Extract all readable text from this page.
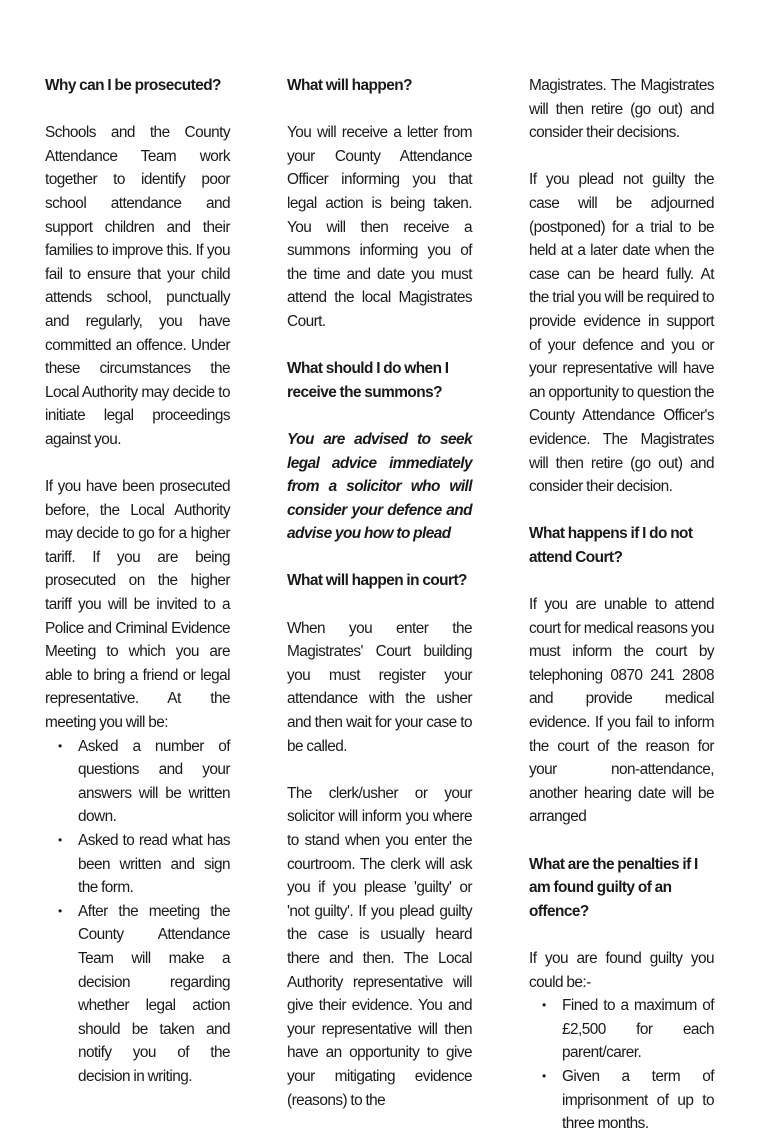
Why can I be prosecuted?

Schools and the County Attendance Team work together to identify poor school attendance and support children and their families to improve this. If you fail to ensure that your child attends school, punctually and regularly, you have committed an offence. Under these circumstances the Local Authority may decide to initiate legal proceedings against you.

If you have been prosecuted before, the Local Authority may decide to go for a higher tariff. If you are being prosecuted on the higher tariff you will be invited to a Police and Criminal Evidence Meeting to which you are able to bring a friend or legal representative. At the meeting you will be:

• Asked a number of questions and your answers will be written down.
• Asked to read what has been written and sign the form.
• After the meeting the County Attendance Team will make a decision regarding whether legal action should be taken and notify you of the decision in writing.

What will happen?

You will receive a letter from your County Attendance Officer informing you that legal action is being taken. You will then receive a summons informing you of the time and date you must attend the local Magistrates Court.

What should I do when I receive the summons?

You are advised to seek legal advice immediately from a solicitor who will consider your defence and advise you how to plead

What will happen in court?

When you enter the Magistrates' Court building you must register your attendance with the usher and then wait for your case to be called.

The clerk/usher or your solicitor will inform you where to stand when you enter the courtroom. The clerk will ask you if you please 'guilty' or 'not guilty'. If you plead guilty the case is usually heard there and then. The Local Authority representative will give their evidence. You and your representative will then have an opportunity to give your mitigating evidence (reasons) to the

Magistrates. The Magistrates will then retire (go out) and consider their decisions.

If you plead not guilty the case will be adjourned (postponed) for a trial to be held at a later date when the case can be heard fully. At the trial you will be required to provide evidence in support of your defence and you or your representative will have an opportunity to question the County Attendance Officer's evidence. The Magistrates will then retire (go out) and consider their decision.

What happens if I do not attend Court?

If you are unable to attend court for medical reasons you must inform the court by telephoning 0870 241 2808 and provide medical evidence. If you fail to inform the court of the reason for your non-attendance, another hearing date will be arranged

What are the penalties if I am found guilty of an offence?

If you are found guilty you could be:-

• Fined to a maximum of £2,500 for each parent/carer.
• Given a term of imprisonment of up to three months.
